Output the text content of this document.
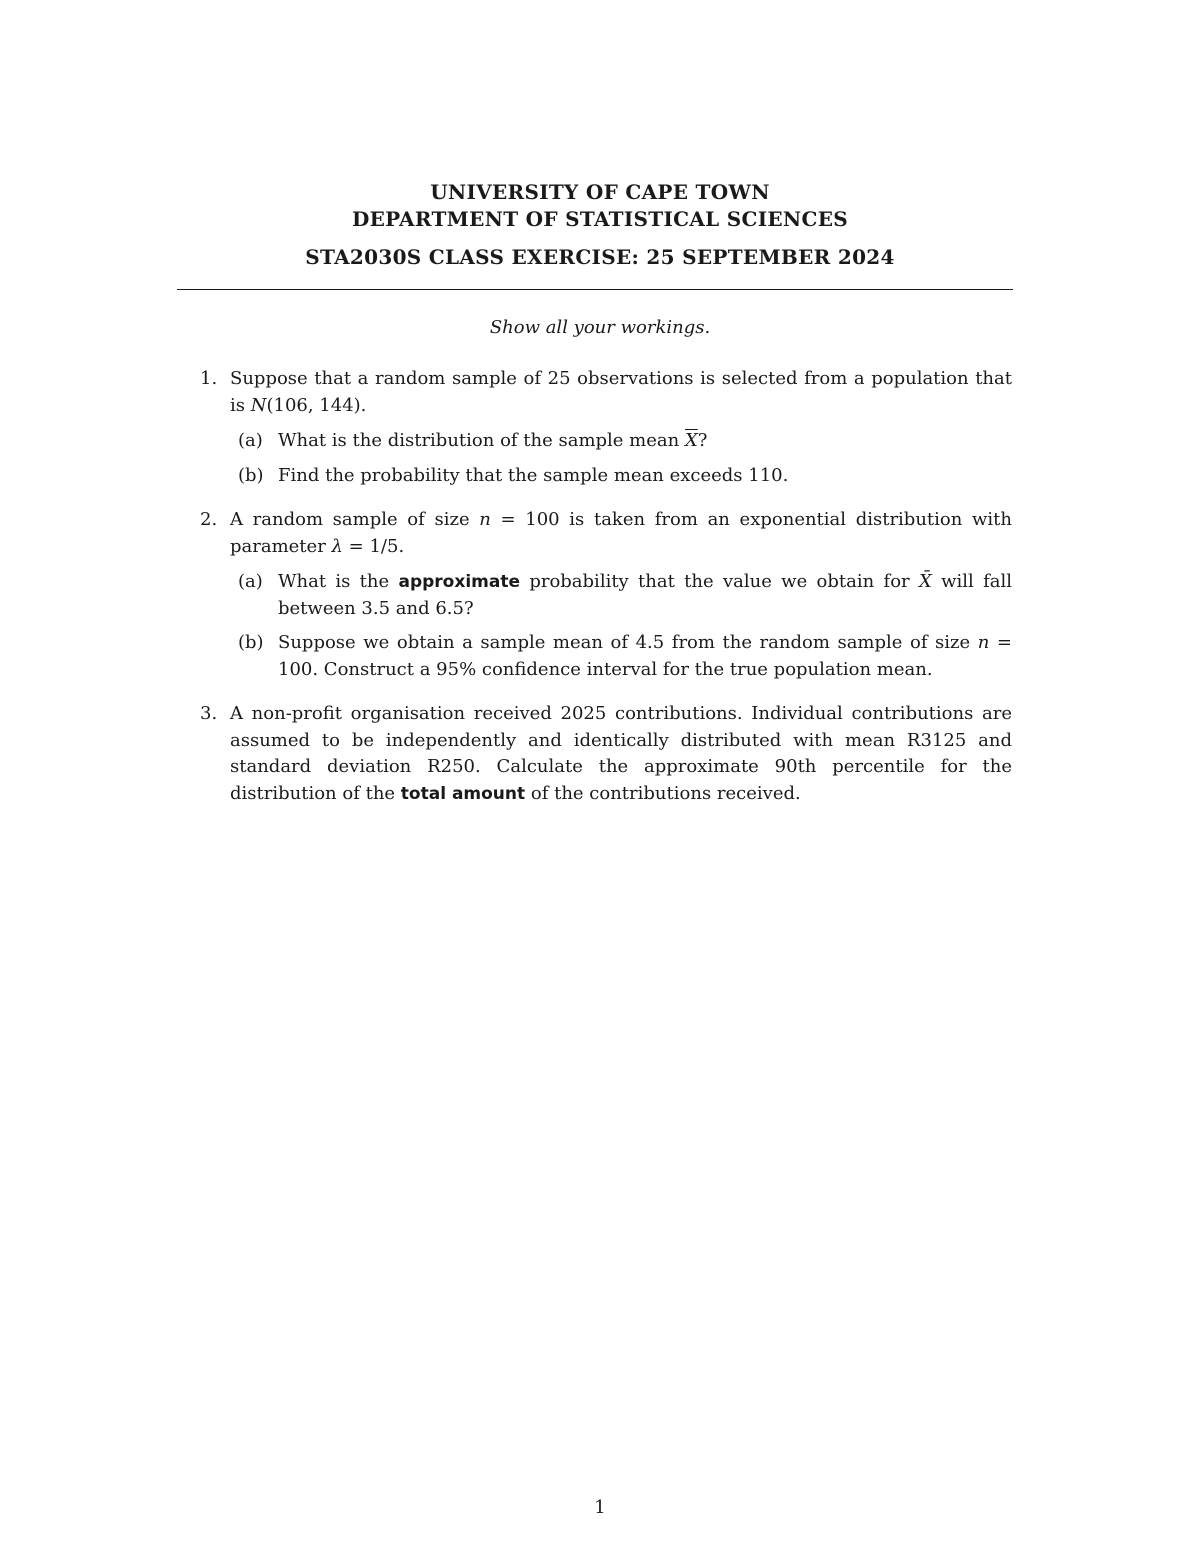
UNIVERSITY OF CAPE TOWN
DEPARTMENT OF STATISTICAL SCIENCES
STA2030S CLASS EXERCISE: 25 SEPTEMBER 2024
Show all your workings.
1. Suppose that a random sample of 25 observations is selected from a population that is N(106, 144).
(a) What is the distribution of the sample mean $\overline{X}$?
(b) Find the probability that the sample mean exceeds 110.
2. A random sample of size n = 100 is taken from an exponential distribution with parameter λ = 1/5.
(a) What is the approximate probability that the value we obtain for X̄ will fall between 3.5 and 6.5?
(b) Suppose we obtain a sample mean of 4.5 from the random sample of size n = 100. Construct a 95% confidence interval for the true population mean.
3. A non-profit organisation received 2025 contributions. Individual contributions are assumed to be independently and identically distributed with mean R3125 and standard deviation R250. Calculate the approximate 90th percentile for the distribution of the total amount of the contributions received.
1
